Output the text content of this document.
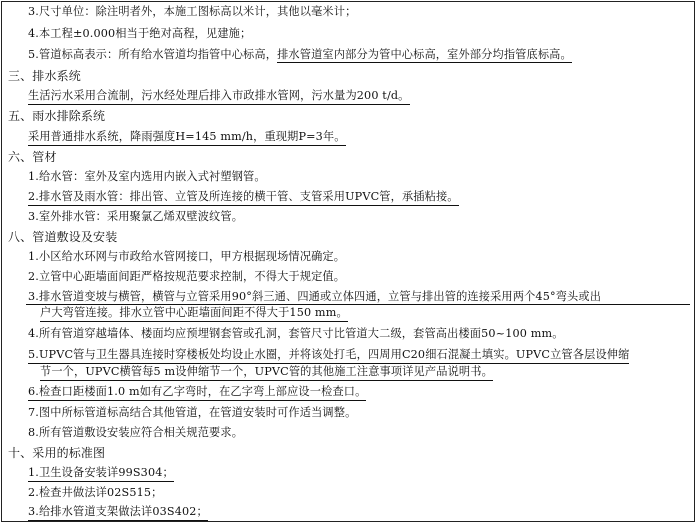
3.尺寸单位：除注明者外，本施工图标高以米计，其他以毫米计；
4.本工程±0.000相当于绝对高程，见建施；
5.管道标高表示：所有给水管道均指管中心标高，排水管道室内部分为管中心标高，室外部分均指管底标高。
三、排水系统
生活污水采用合流制，污水经处理后排入市政排水管网，污水量为200 t/d。
五、雨水排除系统
采用普通排水系统，降雨强度H=145 mm/h，重现期P=3年。
六、管材
1.给水管：室外及室内选用内嵌入式衬塑钢管。
2.排水管及雨水管：排出管、立管及所连接的横干管、支管采用UPVC管，承插粘接。
3.室外排水管：采用聚氯乙烯双壁波纹管。
八、管道敷设及安装
1.小区给水环网与市政给水管网接口，甲方根据现场情况确定。
2.立管中心距墙面间距严格按规范要求控制，不得大于规定值。
3.排水管道变坡与横管，横管与立管采用90°斜三通、四通或立体四通，立管与排出管的连接采用两个45°弯头或出
户大弯管连接。排水立管中心距墙面间距不得大于150 mm。
4.所有管道穿越墙体、楼面均应预埋钢套管或孔洞，套管尺寸比管道大二级，套管高出楼面50~100 mm。
5.UPVC管与卫生器具连接时穿楼板处均设止水圈，并将该处打毛，四周用C20细石混凝土填实。UPVC立管各层设伸缩
节一个，UPVC横管每5 m设伸缩节一个，UPVC管的其他施工注意事项详见产品说明书。
6.检查口距楼面1.0 m如有乙字弯时，在乙字弯上部应设一检查口。
7.图中所标管道标高结合其他管道，在管道安装时可作适当调整。
8.所有管道敷设安装应符合相关规范要求。
十、采用的标准图
1.卫生设备安装详99S304；
2.检查井做法详02S515；
3.给排水管道支架做法详03S402；
